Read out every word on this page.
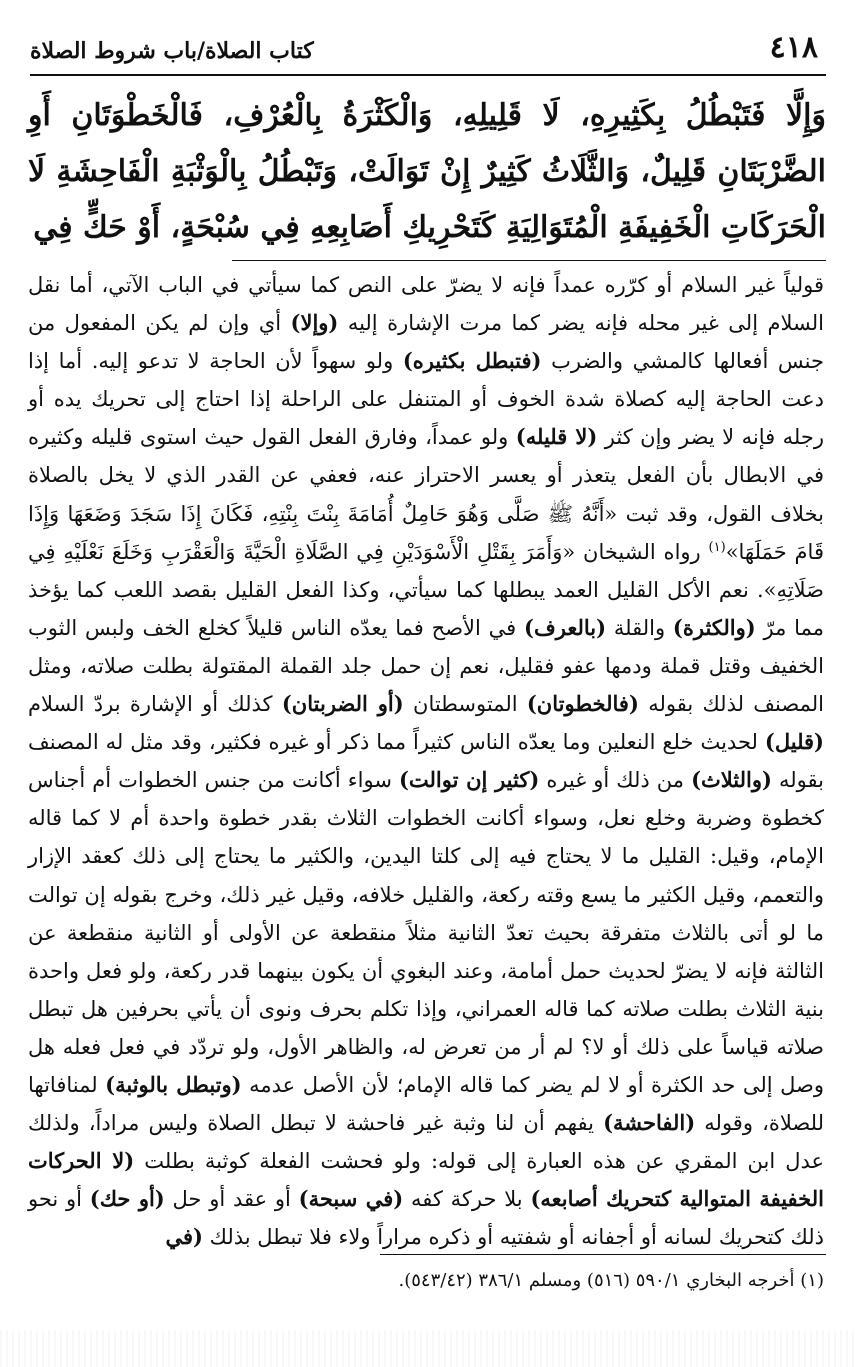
٤١٨
كتاب الصلاة/باب شروط الصلاة
وَإِلَّا فَتَبْطُلُ بِكَثِيرِهِ، لَا قَلِيلِهِ، وَالْكَثْرَةُ بِالْعُرْفِ، فَالْخَطْوَتَانِ أَوِ الضَّرْبَتَانِ قَلِيلٌ، وَالثَّلَاثُ كَثِيرٌ إِنْ تَوَالَتْ، وَتَبْطُلُ بِالْوَثْبَةِ الْفَاحِشَةِ لَا الْحَرَكَاتِ الْخَفِيفَةِ الْمُتَوَالِيَةِ كَتَحْرِيكِ أَصَابِعِهِ فِي سُبْحَةٍ، أَوْ حَكٍّ فِي

قولياً غير السلام أو كرّره عمداً فإنه لا يضرّ على النص كما سيأتي في الباب الآتي، أما نقل السلام إلى غير محله فإنه يضر كما مرت الإشارة إليه (وإلا) أي وإن لم يكن المفعول من جنس أفعالها كالمشي والضرب (فتبطل بكثيره) ولو سهواً لأن الحاجة لا تدعو إليه. أما إذا دعت الحاجة إليه كصلاة شدة الخوف أو المتنفل على الراحلة إذا احتاج إلى تحريك يده أو رجله فإنه لا يضر وإن كثر (لا قليله) ولو عمداً، وفارق الفعل القول حيث استوى قليله وكثيره في الابطال بأن الفعل يتعذر أو يعسر الاحتراز عنه، فعفي عن القدر الذي لا يخل بالصلاة بخلاف القول، وقد ثبت «أَنَّهُ ﷺ صَلَّى وَهُوَ حَامِلٌ أُمَامَةَ بِنْتَ بِنْتِهِ، فَكَانَ إِذَا سَجَدَ وَضَعَهَا وَإِذَا قَامَ حَمَلَهَا»$^{(١)}$ رواه الشيخان «وَأَمَرَ بِقَتْلِ الْأَسْوَدَيْنِ فِي الصَّلَاةِ الْحَيَّةَ وَالْعَقْرَبِ وَخَلَعَ نَعْلَيْهِ فِي صَلَاتِهِ». نعم الأكل القليل العمد يبطلها كما سيأتي، وكذا الفعل القليل بقصد اللعب كما يؤخذ مما مرّ (والكثرة) والقلة (بالعرف) في الأصح فما يعدّه الناس قليلاً كخلع الخف ولبس الثوب الخفيف وقتل قملة ودمها عفو فقليل، نعم إن حمل جلد القملة المقتولة بطلت صلاته، ومثل المصنف لذلك بقوله (فالخطوتان) المتوسطتان (أو الضربتان) كذلك أو الإشارة بردّ السلام (قليل) لحديث خلع النعلين وما يعدّه الناس كثيراً مما ذكر أو غيره فكثير، وقد مثل له المصنف بقوله (والثلاث) من ذلك أو غيره (كثير إن توالت) سواء أكانت من جنس الخطوات أم أجناس كخطوة وضربة وخلع نعل، وسواء أكانت الخطوات الثلاث بقدر خطوة واحدة أم لا كما قاله الإمام، وقيل: القليل ما لا يحتاج فيه إلى كلتا اليدين، والكثير ما يحتاج إلى ذلك كعقد الإزار والتعمم، وقيل الكثير ما يسع وقته ركعة، والقليل خلافه، وقيل غير ذلك، وخرج بقوله إن توالت ما لو أتى بالثلاث متفرقة بحيث تعدّ الثانية مثلاً منقطعة عن الأولى أو الثانية منقطعة عن الثالثة فإنه لا يضرّ لحديث حمل أمامة، وعند البغوي أن يكون بينهما قدر ركعة، ولو فعل واحدة بنية الثلاث بطلت صلاته كما قاله العمراني، وإذا تكلم بحرف ونوى أن يأتي بحرفين هل تبطل صلاته قياساً على ذلك أو لا؟ لم أر من تعرض له، والظاهر الأول، ولو تردّد في فعل فعله هل وصل إلى حد الكثرة أو لا لم يضر كما قاله الإمام؛ لأن الأصل عدمه (وتبطل بالوثبة) لمنافاتها للصلاة، وقوله (الفاحشة) يفهم أن لنا وثبة غير فاحشة لا تبطل الصلاة وليس مراداً، ولذلك عدل ابن المقري عن هذه العبارة إلى قوله: ولو فحشت الفعلة كوثبة بطلت (لا الحركات الخفيفة المتوالية كتحريك أصابعه) بلا حركة كفه (في سبحة) أو عقد أو حل (أو حك) أو نحو ذلك كتحريك لسانه أو أجفانه أو شفتيه أو ذكره مراراً ولاء فلا تبطل بذلك (في

(١) أخرجه البخاري ٥٩٠/١ (٥١٦) ومسلم ٣٨٦/١ (٥٤٣/٤٢).
